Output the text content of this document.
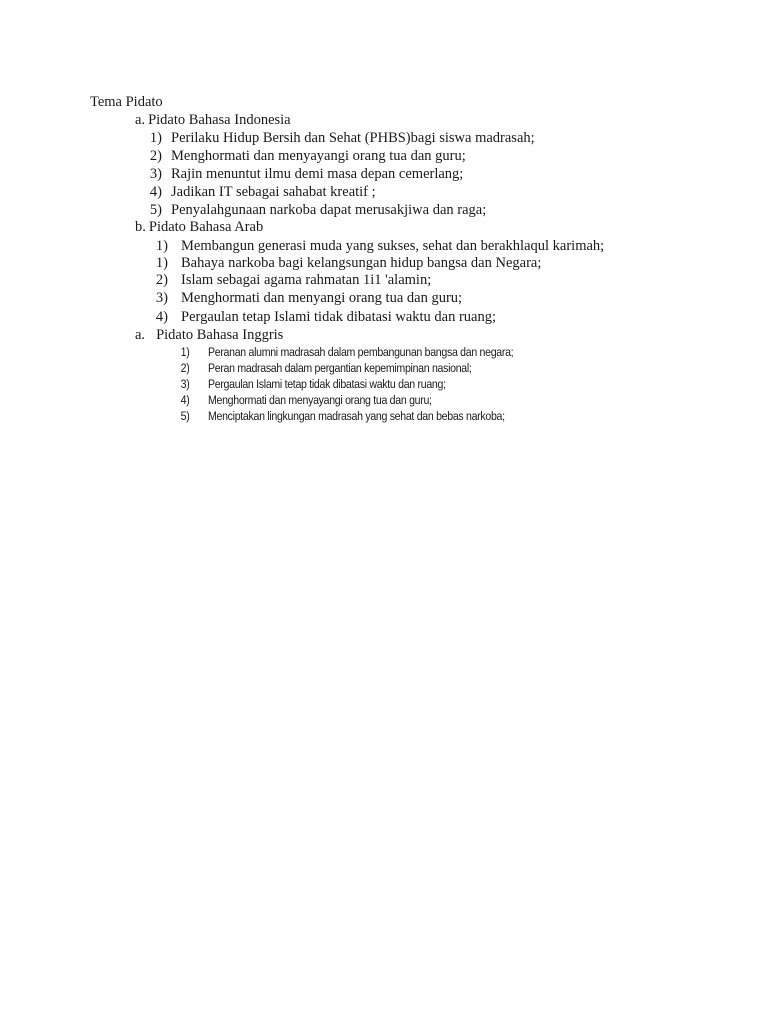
Tema Pidato
a. Pidato Bahasa Indonesia
1) Perilaku Hidup Bersih dan Sehat (PHBS)bagi siswa madrasah;
2) Menghormati dan menyayangi orang tua dan guru;
3) Rajin menuntut ilmu demi masa depan cemerlang;
4) Jadikan IT sebagai sahabat kreatif ;
5) Penyalahgunaan narkoba dapat merusakjiwa dan raga;
b. Pidato Bahasa Arab
1) Membangun generasi muda yang sukses, sehat dan berakhlaqul karimah;
1) Bahaya narkoba bagi kelangsungan hidup bangsa dan Negara;
2) Islam sebagai agama rahmatan 1i1 'alamin;
3) Menghormati dan menyangi orang tua dan guru;
4) Pergaulan tetap Islami tidak dibatasi waktu dan ruang;
a. Pidato Bahasa Inggris
1) Peranan alumni madrasah dalam pembangunan bangsa dan negara;
2) Peran madrasah dalam pergantian kepemimpinan nasional;
3) Pergaulan Islami tetap tidak dibatasi waktu dan ruang;
4) Menghormati dan menyayangi orang tua dan guru;
5) Menciptakan lingkungan madrasah yang sehat dan bebas narkoba;
